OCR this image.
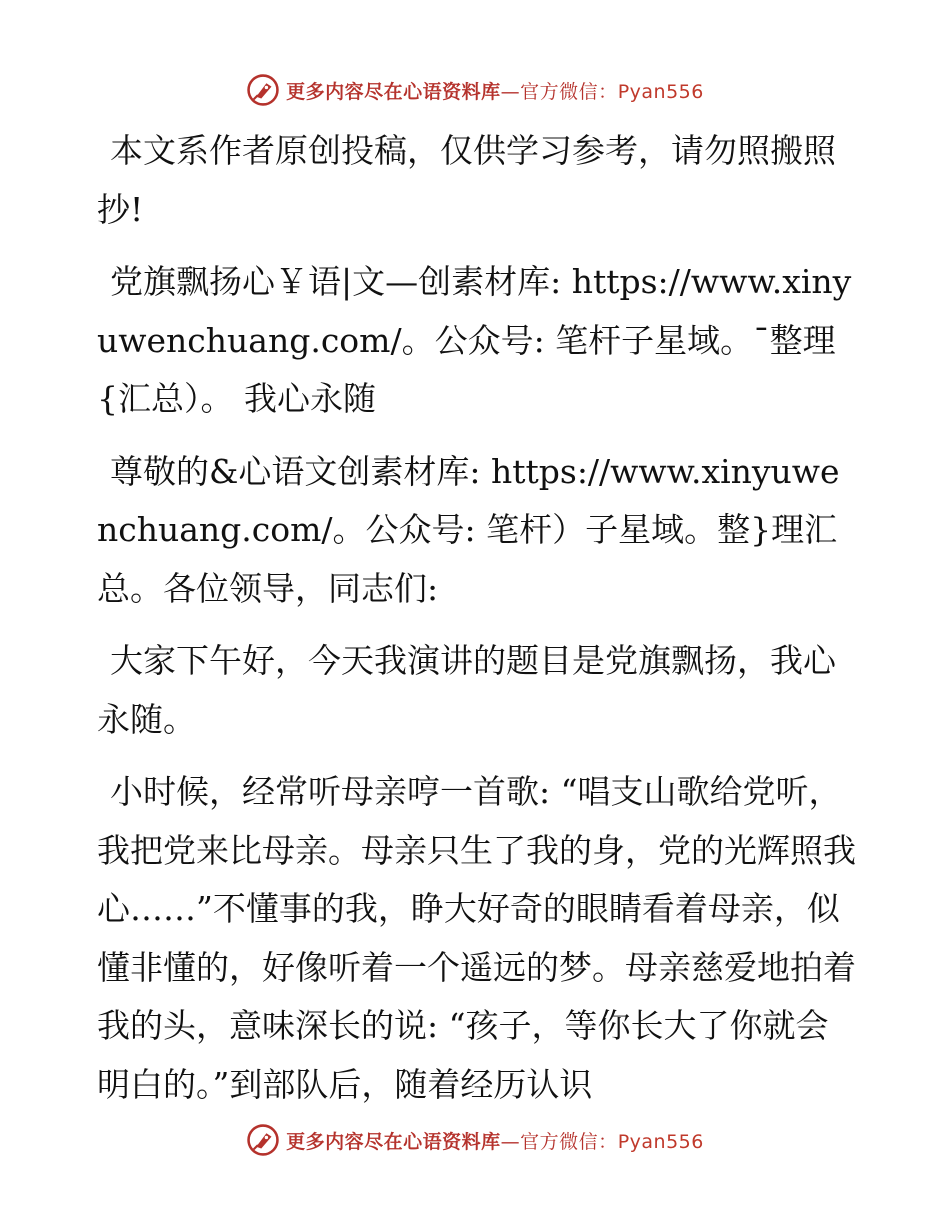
更多内容尽在心语资料库—官方微信：Pyan556

本文系作者原创投稿，仅供学习参考，请勿照搬照抄!

党旗飘扬心￥语|文—创素材库: https://www.xinyuwenchuang.com/。公众号: 笔杆子星域。¯整理{汇总）。 我心永随

尊敬的&心语文创素材库: https://www.xinyuwenchuang.com/。公众号: 笔杆）子星域。整}理汇总。各位领导，同志们:

大家下午好，今天我演讲的题目是党旗飘扬，我心永随。

小时候，经常听母亲哼一首歌: “唱支山歌给党听，我把党来比母亲。母亲只生了我的身，党的光辉照我心……”不懂事的我，睁大好奇的眼睛看着母亲，似懂非懂的，好像听着一个遥远的梦。母亲慈爱地拍着我的头，意味深长的说: “孩子，等你长大了你就会明白的。”到部队后，随着经历认识

更多内容尽在心语资料库—官方微信：Pyan556
